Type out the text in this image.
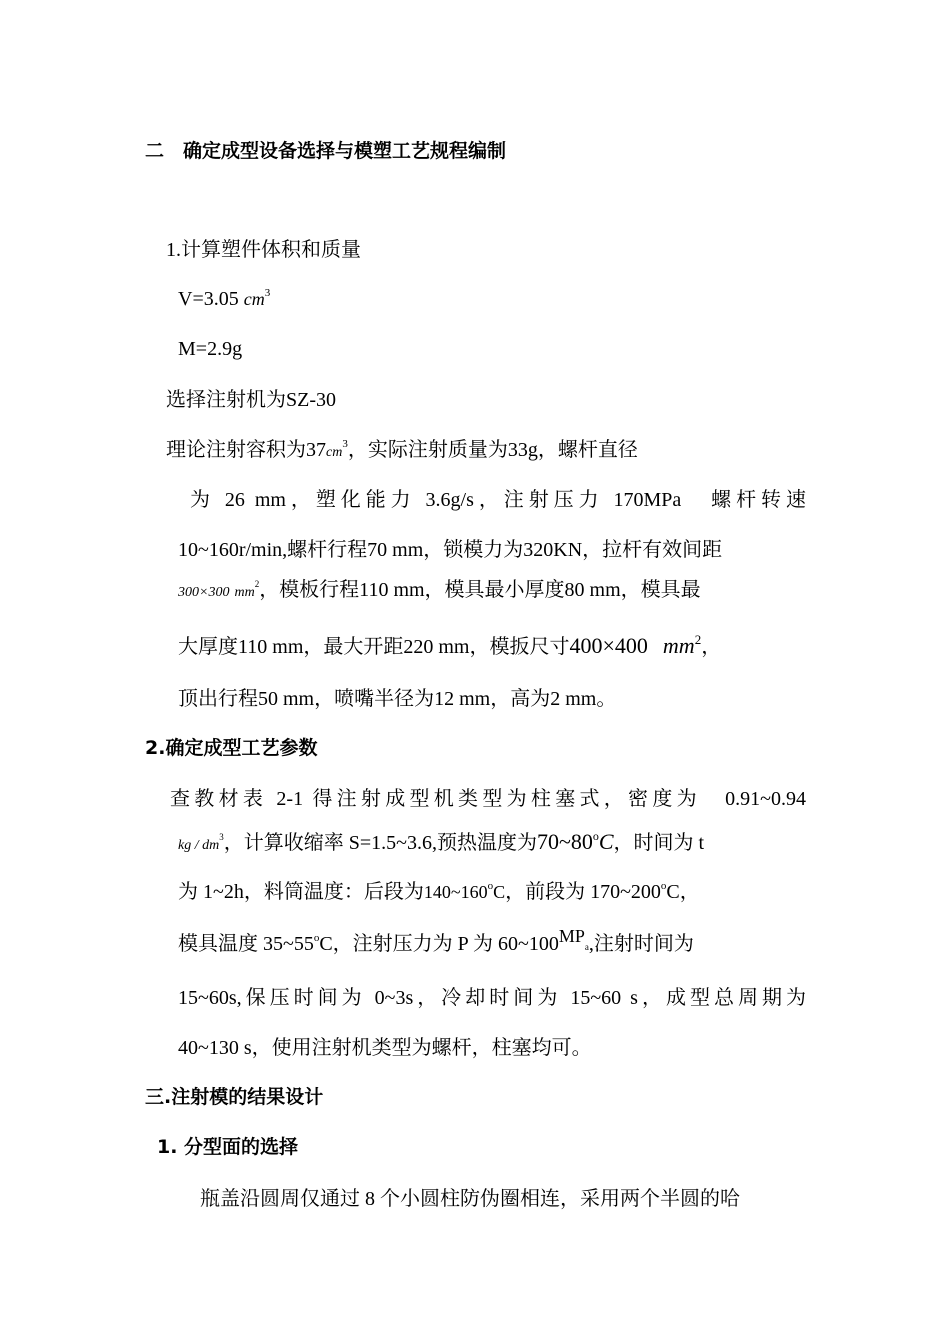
二　确定成型设备选择与模塑工艺规程编制
1.计算塑件体积和质量
V=3.05 $cm^3$
M=2.9g
选择注射机为SZ-30
理论注射容积为$37cm^3$，实际注射质量为33g，螺杆直径
为 26 mm，塑化能力 3.6g/s，注射压力 170MPa　螺杆转速
10~160r/min,螺杆行程70 mm，锁模力为320KN，拉杆有效间距
300×300 $mm^2$，模板行程110 mm，模具最小厚度80 mm，模具最
大厚度110 mm，最大开距220 mm，模扳尺寸400×400 $mm^2$，
顶出行程50 mm，喷嘴半径为12 mm，高为2 mm。
2.确定成型工艺参数
查教材表 2-1 得注射成型机类型为柱塞式，密度为　0.91~0.94
kg / $dm^3$，计算收缩率 S=1.5~3.6,预热温度为70~80$^o$C，时间为 t
为 1~2h，料筒温度：后段为140~160$^o$C，前段为 170~200$^o$C，
模具温度 35~55$^o$C，注射压力为 P 为 60~100MPa,注射时间为
15~60s,保压时间为 0~3s，冷却时间为 15~60 s，成型总周期为
40~130 s，使用注射机类型为螺杆，柱塞均可。
三.注射模的结果设计
1. 分型面的选择
瓶盖沿圆周仅通过 8 个小圆柱防伪圈相连，采用两个半圆的哈
